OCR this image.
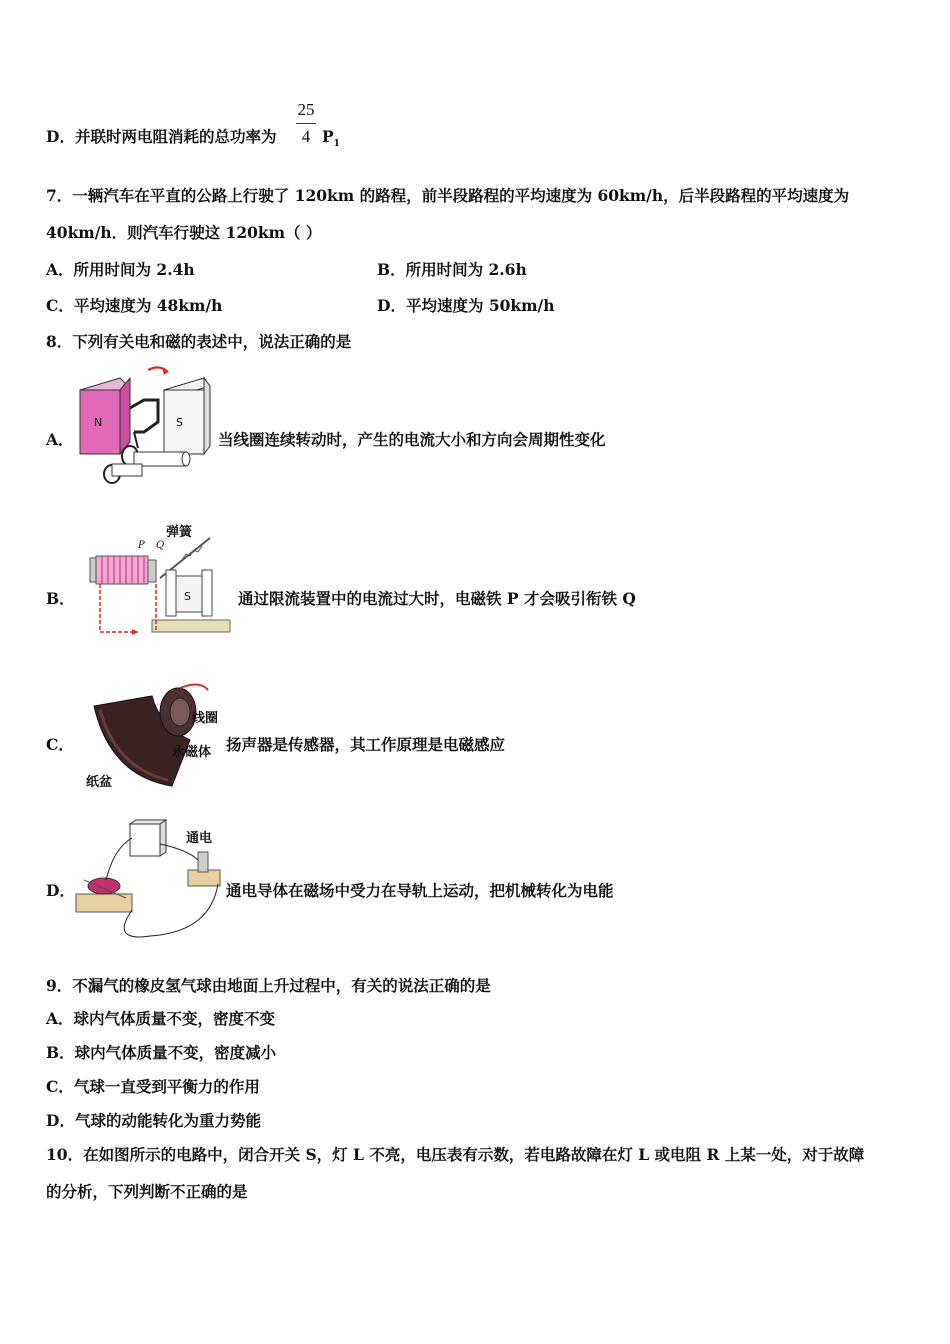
D．并联时两电阻消耗的总功率为
25
4 $P_1$
7．一辆汽车在平直的公路上行驶了 120km 的路程，前半段路程的平均速度为 60km/h，后半段路程的平均速度为
40km/h．则汽车行驶这 120km（ ）
A．所用时间为 2.4h	B．所用时间为 2.6h
C．平均速度为 48km/h	D．平均速度为 50km/h
8．下列有关电和磁的表述中，说法正确的是
A．
N	S
当线圈连续转动时，产生的电流大小和方向会周期性变化
B．
P Q
弹簧
S	通过限流装置中的电流过大时，电磁铁 P 才会吸引衔铁 Q
C．
线圈
永磁体
纸盆
扬声器是传感器，其工作原理是电磁感应
D．
通电
通电导体在磁场中受力在导轨上运动，把机械转化为电能
9．不漏气的橡皮氢气球由地面上升过程中，有关的说法正确的是
A．球内气体质量不变，密度不变
B．球内气体质量不变，密度减小
C．气球一直受到平衡力的作用
D．气球的动能转化为重力势能
10．在如图所示的电路中，闭合开关 S，灯 L 不亮，电压表有示数，若电路故障在灯 L 或电阻 R 上某一处，对于故障
的分析，下列判断不正确的是
